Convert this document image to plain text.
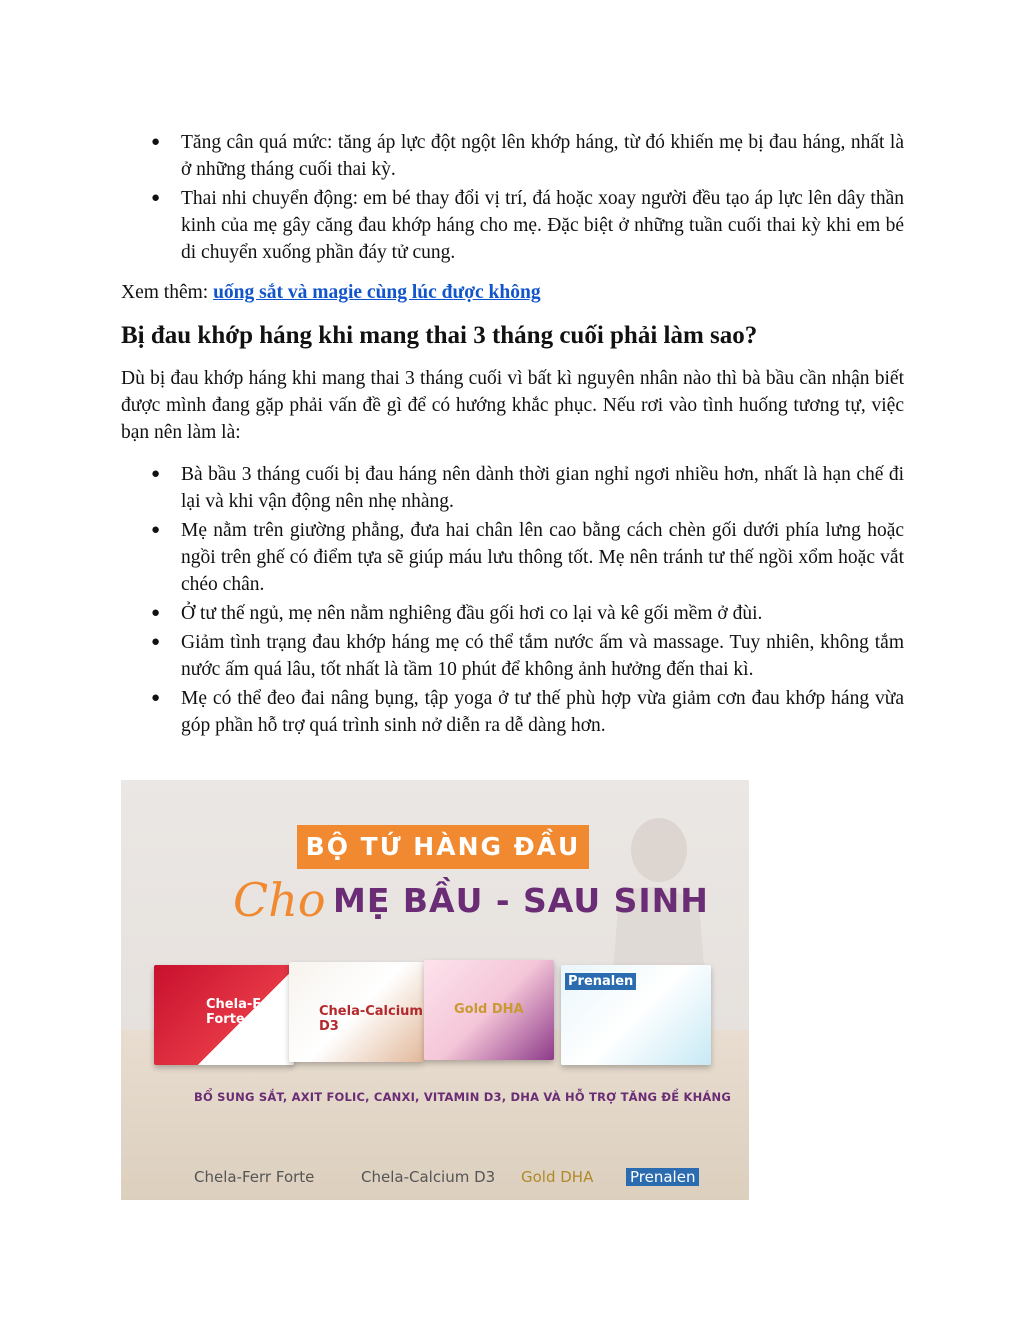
● Tăng cân quá mức: tăng áp lực đột ngột lên khớp háng, từ đó khiến mẹ bị đau háng, nhất là ở những tháng cuối thai kỳ.
● Thai nhi chuyển động: em bé thay đổi vị trí, đá hoặc xoay người đều tạo áp lực lên dây thần kinh của mẹ gây căng đau khớp háng cho mẹ. Đặc biệt ở những tuần cuối thai kỳ khi em bé di chuyển xuống phần đáy tử cung.
Xem thêm: uống sắt và magie cùng lúc được không
Bị đau khớp háng khi mang thai 3 tháng cuối phải làm sao?

Dù bị đau khớp háng khi mang thai 3 tháng cuối vì bất kì nguyên nhân nào thì bà bầu cần nhận biết được mình đang gặp phải vấn đề gì để có hướng khắc phục. Nếu rơi vào tình huống tương tự, việc bạn nên làm là:

● Bà bầu 3 tháng cuối bị đau háng nên dành thời gian nghỉ ngơi nhiều hơn, nhất là hạn chế đi lại và khi vận động nên nhẹ nhàng.
● Mẹ nằm trên giường phẳng, đưa hai chân lên cao bằng cách chèn gối dưới phía lưng hoặc ngồi trên ghế có điểm tựa sẽ giúp máu lưu thông tốt. Mẹ nên tránh tư thế ngồi xổm hoặc vắt chéo chân.
● Ở tư thế ngủ, mẹ nên nằm nghiêng đầu gối hơi co lại và kê gối mềm ở đùi.
● Giảm tình trạng đau khớp háng mẹ có thể tắm nước ấm và massage. Tuy nhiên, không tắm nước ấm quá lâu, tốt nhất là tầm 10 phút để không ảnh hưởng đến thai kì.
● Mẹ có thể đeo đai nâng bụng, tập yoga ở tư thế phù hợp vừa giảm cơn đau khớp háng vừa góp phần hỗ trợ quá trình sinh nở diễn ra dễ dàng hơn.
BỘ TỨ HÀNG ĐẦU
Cho MẸ BẦU - SAU SINH
Chela-Ferr Forte
Chela-Calcium D3
Gold DHA
Prenalen
BỔ SUNG SẮT, AXIT FOLIC, CANXI, VITAMIN D3, DHA VÀ HỖ TRỢ TĂNG ĐỀ KHÁNG
Chela-Ferr Forte	Chela-Calcium D3 Gold DHA Prenalen
